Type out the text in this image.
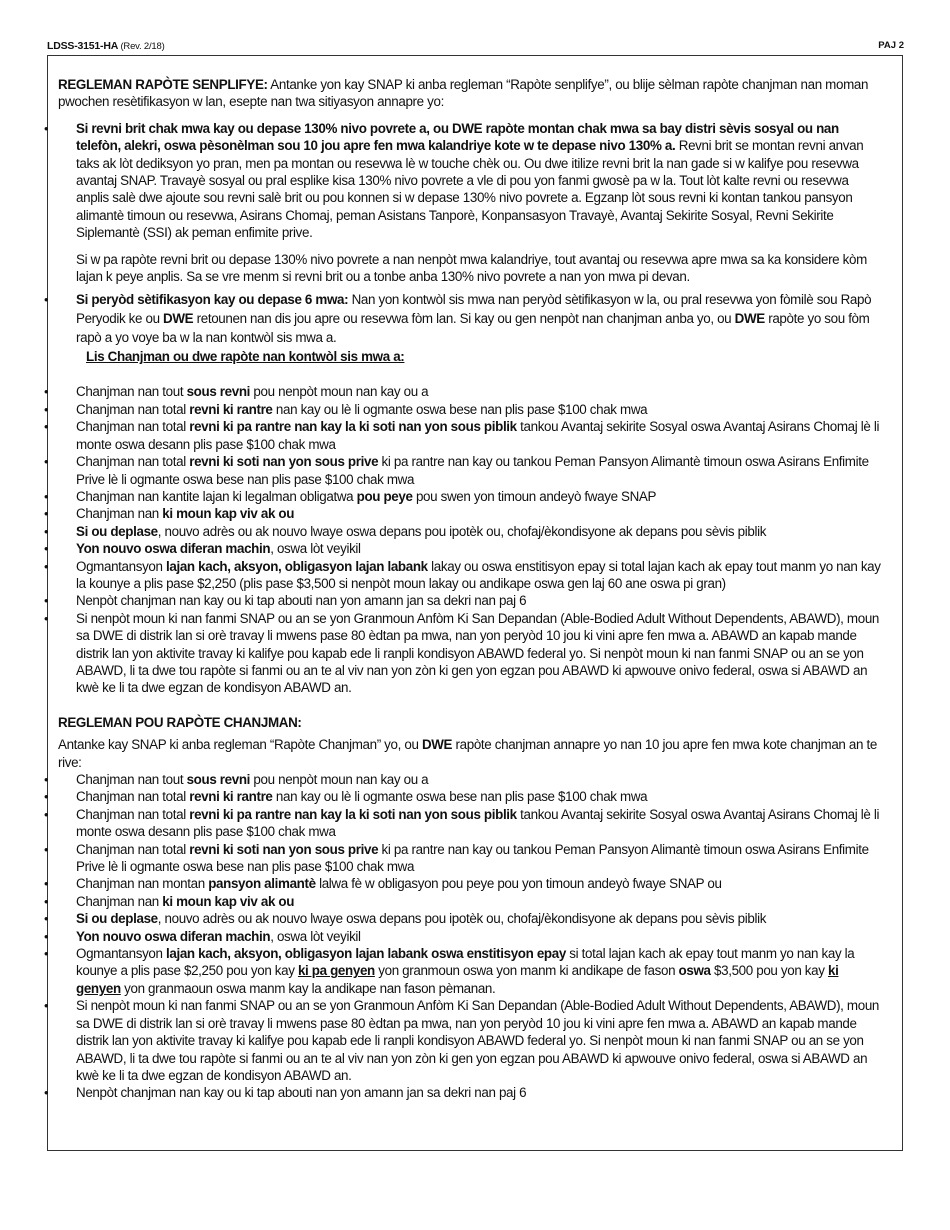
LDSS-3151-HA (Rev. 2/18)	PAJ 2

REGLEMAN RAPÒTE SENPLIFYE: Antanke yon kay SNAP ki anba regleman “Rapòte senplifye”, ou blije sèlman rapòte chanjman nan moman pwochen resètifikasyon w lan, esepte nan twa sitiyasyon annapre yo:

• Si revni brit chak mwa kay ou depase 130% nivo povrete a, ou DWE rapòte montan chak mwa sa bay distri sèvis sosyal ou nan telefòn, alekri, oswa pèsonèlman sou 10 jou apre fen mwa kalandriye kote w te depase nivo 130% a. Revni brit se montan revni anvan taks ak lòt dediksyon yo pran, men pa montan ou resevwa lè w touche chèk ou. Ou dwe itilize revni brit la nan gade si w kalifye pou resevwa avantaj SNAP. Travayè sosyal ou pral esplike kisa 130% nivo povrete a vle di pou yon fanmi gwosè pa w la. Tout lòt kalte revni ou resevwa anplis salè dwe ajoute sou revni salè brit ou pou konnen si w depase 130% nivo povrete a. Egzanp lòt sous revni ki kontan tankou pansyon alimantè timoun ou resevwa, Asirans Chomaj, peman Asistans Tanporè, Konpansasyon Travayè, Avantaj Sekirite Sosyal, Revni Sekirite Siplemantè (SSI) ak peman enfimite prive.

Si w pa rapòte revni brit ou depase 130% nivo povrete a nan nenpòt mwa kalandriye, tout avantaj ou resevwa apre mwa sa ka konsidere kòm lajan k peye anplis. Sa se vre menm si revni brit ou a tonbe anba 130% nivo povrete a nan yon mwa pi devan.

• Si peryòd sètifikasyon kay ou depase 6 mwa: Nan yon kontwòl sis mwa nan peryòd sètifikasyon w la, ou pral resevwa yon fòmilè sou Rapò Peryodik ke ou DWE retounen nan dis jou apre ou resevwa fòm lan. Si kay ou gen nenpòt nan chanjman anba yo, ou DWE rapòte yo sou fòm rapò a yo voye ba w la nan kontwòl sis mwa a.

Lis Chanjman ou dwe rapòte nan kontwòl sis mwa a:

• Chanjman nan tout sous revni pou nenpòt moun nan kay ou a

• Chanjman nan total revni ki rantre nan kay ou lè li ogmante oswa bese nan plis pase $100 chak mwa

• Chanjman nan total revni ki pa rantre nan kay la ki soti nan yon sous piblik tankou Avantaj sekirite Sosyal oswa Avantaj Asirans Chomaj lè li monte oswa desann plis pase $100 chak mwa

• Chanjman nan total revni ki soti nan yon sous prive ki pa rantre nan kay ou tankou Peman Pansyon Alimantè timoun oswa Asirans Enfimite Prive lè li ogmante oswa bese nan plis pase $100 chak mwa

• Chanjman nan kantite lajan ki legalman obligatwa pou peye pou swen yon timoun andeyò fwaye SNAP

• Chanjman nan ki moun kap viv ak ou

• Si ou deplase, nouvo adrès ou ak nouvo lwaye oswa depans pou ipotèk ou, chofaj/èkondisyone ak depans pou sèvis piblik

• Yon nouvo oswa diferan machin, oswa lòt veyikil

• Ogmantansyon lajan kach, aksyon, obligasyon lajan labank lakay ou oswa enstitisyon epay si total lajan kach ak epay tout manm yo nan kay la kounye a plis pase $2,250 (plis pase $3,500 si nenpòt moun lakay ou andikape oswa gen laj 60 ane oswa pi gran)

• Nenpòt chanjman nan kay ou ki tap abouti nan yon amann jan sa dekri nan paj 6

• Si nenpòt moun ki nan fanmi SNAP ou an se yon Granmoun Anfòm Ki San Depandan (Able-Bodied Adult Without Dependents, ABAWD), moun sa DWE di distrik lan si orè travay li mwens pase 80 èdtan pa mwa, nan yon peryòd 10 jou ki vini apre fen mwa a. ABAWD an kapab mande distrik lan yon aktivite travay ki kalifye pou kapab ede li ranpli kondisyon ABAWD federal yo. Si nenpòt moun ki nan fanmi SNAP ou an se yon ABAWD, li ta dwe tou rapòte si fanmi ou an te al viv nan yon zòn ki gen yon egzan pou ABAWD ki apwouve onivo federal, oswa si ABAWD an kwè ke li ta dwe egzan de kondisyon ABAWD an.

REGLEMAN POU RAPÒTE CHANJMAN:

Antanke kay SNAP ki anba regleman “Rapòte Chanjman” yo, ou DWE rapòte chanjman annapre yo nan 10 jou apre fen mwa kote chanjman an te rive:

• Chanjman nan tout sous revni pou nenpòt moun nan kay ou a

• Chanjman nan total revni ki rantre nan kay ou lè li ogmante oswa bese nan plis pase $100 chak mwa

• Chanjman nan total revni ki pa rantre nan kay la ki soti nan yon sous piblik tankou Avantaj sekirite Sosyal oswa Avantaj Asirans Chomaj lè li monte oswa desann plis pase $100 chak mwa

• Chanjman nan total revni ki soti nan yon sous prive ki pa rantre nan kay ou tankou Peman Pansyon Alimantè timoun oswa Asirans Enfimite Prive lè li ogmante oswa bese nan plis pase $100 chak mwa

• Chanjman nan montan pansyon alimantè lalwa fè w obligasyon pou peye pou yon timoun andeyò fwaye SNAP ou

• Chanjman nan ki moun kap viv ak ou

• Si ou deplase, nouvo adrès ou ak nouvo lwaye oswa depans pou ipotèk ou, chofaj/èkondisyone ak depans pou sèvis piblik

• Yon nouvo oswa diferan machin, oswa lòt veyikil

• Ogmantansyon lajan kach, aksyon, obligasyon lajan labank oswa enstitisyon epay si total lajan kach ak epay tout manm yo nan kay la kounye a plis pase $2,250 pou yon kay ki pa genyen yon granmoun oswa yon manm ki andikape de fason oswa $3,500 pou yon kay ki genyen yon granmaoun oswa manm kay la andikape nan fason pèmanan.

• Si nenpòt moun ki nan fanmi SNAP ou an se yon Granmoun Anfòm Ki San Depandan (Able-Bodied Adult Without Dependents, ABAWD), moun sa DWE di distrik lan si orè travay li mwens pase 80 èdtan pa mwa, nan yon peryòd 10 jou ki vini apre fen mwa a. ABAWD an kapab mande distrik lan yon aktivite travay ki kalifye pou kapab ede li ranpli kondisyon ABAWD federal yo. Si nenpòt moun ki nan fanmi SNAP ou an se yon ABAWD, li ta dwe tou rapòte si fanmi ou an te al viv nan yon zòn ki gen yon egzan pou ABAWD ki apwouve onivo federal, oswa si ABAWD an kwè ke li ta dwe egzan de kondisyon ABAWD an.

• Nenpòt chanjman nan kay ou ki tap abouti nan yon amann jan sa dekri nan paj 6
